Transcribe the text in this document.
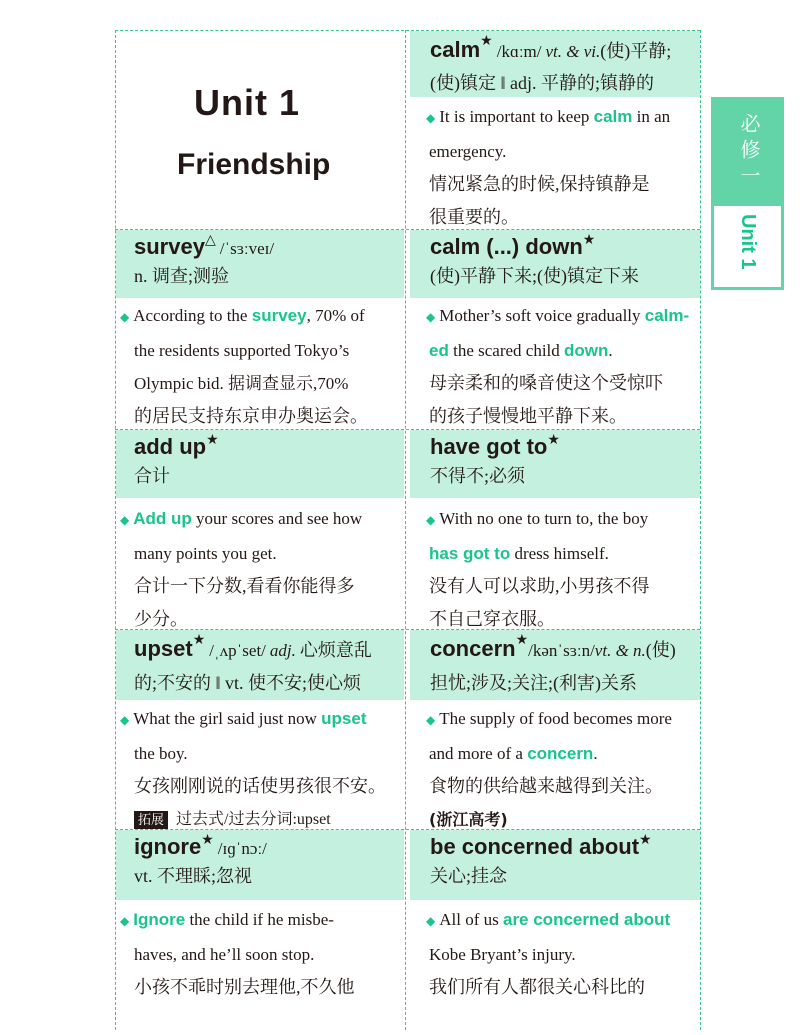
Unit 1
Friendship	必修一
Unit 1
calm★ /kɑːm/ vt. & vi.(使)平静;
(使)镇定 ‖ adj. 平静的;镇静的
◆ It is important to keep calm in an
emergency.
情况紧急的时候,保持镇静是
很重要的。
survey△ /ˈsɜːveɪ/
n. 调查;测验
◆ According to the survey, 70% of
the residents supported Tokyo’s
Olympic bid. 据调查显示,70%
的居民支持东京申办奥运会。
calm (...) down★
(使)平静下来;(使)镇定下来
◆ Mother’s soft voice gradually calm-
ed the scared child down.
母亲柔和的嗓音使这个受惊吓
的孩子慢慢地平静下来。
add up★
合计
◆ Add up your scores and see how
many points you get.
合计一下分数,看看你能得多
少分。
have got to★
不得不;必须
◆ With no one to turn to, the boy
has got to dress himself.
没有人可以求助,小男孩不得
不自己穿衣服。
upset★ /ˌʌpˈset/ adj. 心烦意乱
的;不安的 ‖ vt. 使不安;使心烦
◆ What the girl said just now upset
the boy.
女孩刚刚说的话使男孩很不安。
拓展 过去式/过去分词:upset
concern★/kənˈsɜːn/vt. & n.(使)
担忧;涉及;关注;(利害)关系
◆ The supply of food becomes more
and more of a concern.
食物的供给越来越得到关注。
(浙江高考)
ignore★ /ɪɡˈnɔː/
vt. 不理睬;忽视
◆ Ignore the child if he misbe-
haves, and he’ll soon stop.
小孩不乖时别去理他,不久他
be concerned about★
关心;挂念
◆ All of us are concerned about
Kobe Bryant’s injury.
我们所有人都很关心科比的
